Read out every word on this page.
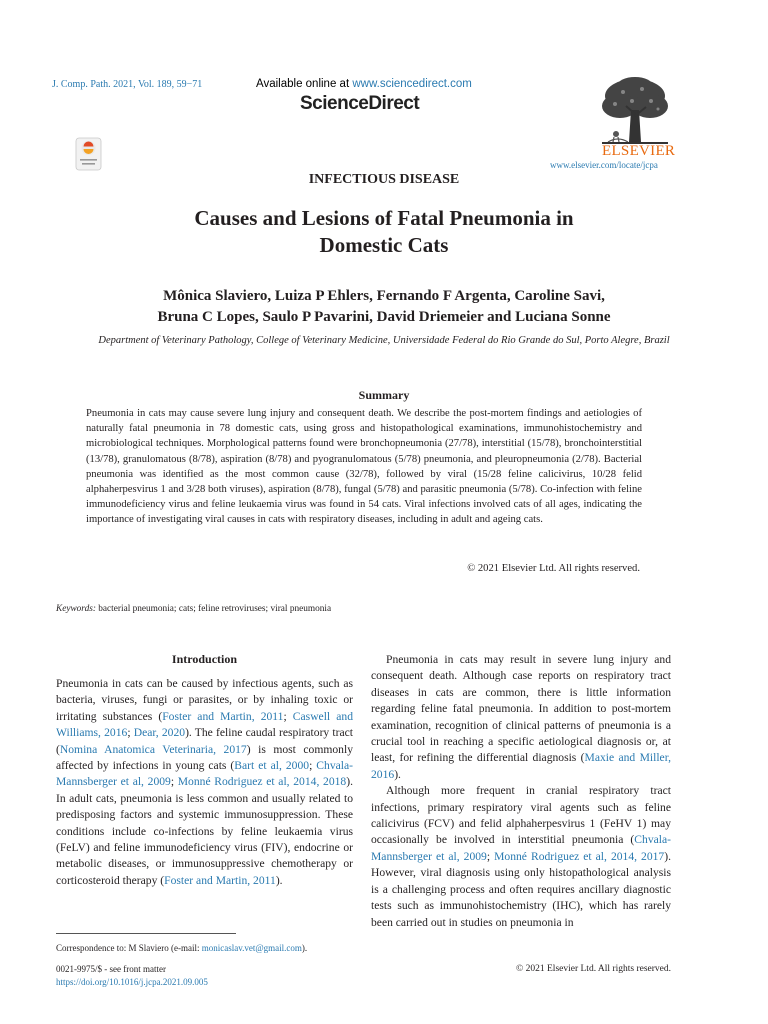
J. Comp. Path. 2021, Vol. 189, 59−71	Available online at www.sciencedirect.com
ScienceDirect
ELSEVIER
www.elsevier.com/locate/jcpa
INFECTIOUS DISEASE
Causes and Lesions of Fatal Pneumonia in
Domestic Cats
Mônica Slaviero, Luiza P Ehlers, Fernando F Argenta, Caroline Savi,
Bruna C Lopes, Saulo P Pavarini, David Driemeier and Luciana Sonne
Department of Veterinary Pathology, College of Veterinary Medicine, Universidade Federal do Rio Grande do Sul, Porto Alegre, Brazil
Summary
Pneumonia in cats may cause severe lung injury and consequent death. We describe the post-mortem findings and aetiologies of naturally fatal pneumonia in 78 domestic cats, using gross and histopathological examinations, immunohistochemistry and microbiological techniques. Morphological patterns found were bronchopneumonia (27/78), interstitial (15/78), bronchointerstitial (13/78), granulomatous (8/78), aspiration (8/78) and pyogranulomatous (5/78) pneumonia, and pleuropneumonia (2/78). Bacterial pneumonia was identified as the most common cause (32/78), followed by viral (15/28 feline calicivirus, 10/28 felid alphaherpesvirus 1 and 3/28 both viruses), aspiration (8/78), fungal (5/78) and parasitic pneumonia (5/78). Co-infection with feline immunodeficiency virus and feline leukaemia virus was found in 54 cats. Viral infections involved cats of all ages, indicating the importance of investigating viral causes in cats with respiratory diseases, including in adult and ageing cats.
© 2021 Elsevier Ltd. All rights reserved.
Keywords: bacterial pneumonia; cats; feline retroviruses; viral pneumonia
Introduction

Pneumonia in cats can be caused by infectious agents, such as bacteria, viruses, fungi or parasites, or by inhaling toxic or irritating substances (Foster and Martin, 2011; Caswell and Williams, 2016; Dear, 2020). The feline caudal respiratory tract (Nomina Anatomica Veterinaria, 2017) is most commonly affected by infections in young cats (Bart et al, 2000; Chvala-Mannsberger et al, 2009; Monné Rodriguez et al, 2014, 2018). In adult cats, pneumonia is less common and usually related to predisposing factors and systemic immunosuppression. These conditions include co-infections by feline leukaemia virus (FeLV) and feline immunodeficiency virus (FIV), endocrine or metabolic diseases, or immunosuppressive chemotherapy or corticosteroid therapy (Foster and Martin, 2011).

Pneumonia in cats may result in severe lung injury and consequent death. Although case reports on respiratory tract diseases in cats are common, there is little information regarding feline fatal pneumonia. In addition to post-mortem examination, recognition of clinical patterns of pneumonia is a crucial tool in reaching a specific aetiological diagnosis or, at least, for refining the differential diagnosis (Maxie and Miller, 2016).

Although more frequent in cranial respiratory tract infections, primary respiratory viral agents such as feline calicivirus (FCV) and felid alphaherpesvirus 1 (FeHV 1) may occasionally be involved in interstitial pneumonia (Chvala-Mannsberger et al, 2009; Monné Rodriguez et al, 2014, 2017). However, viral diagnosis using only histopathological analysis is a challenging process and often requires ancillary diagnostic tests such as immunohistochemistry (IHC), which has rarely been carried out in studies on pneumonia in

Correspondence to: M Slaviero (e-mail: monicaslav.vet@gmail.com).
0021-9975/$ - see front matter
https://doi.org/10.1016/j.jcpa.2021.09.005
© 2021 Elsevier Ltd. All rights reserved.
